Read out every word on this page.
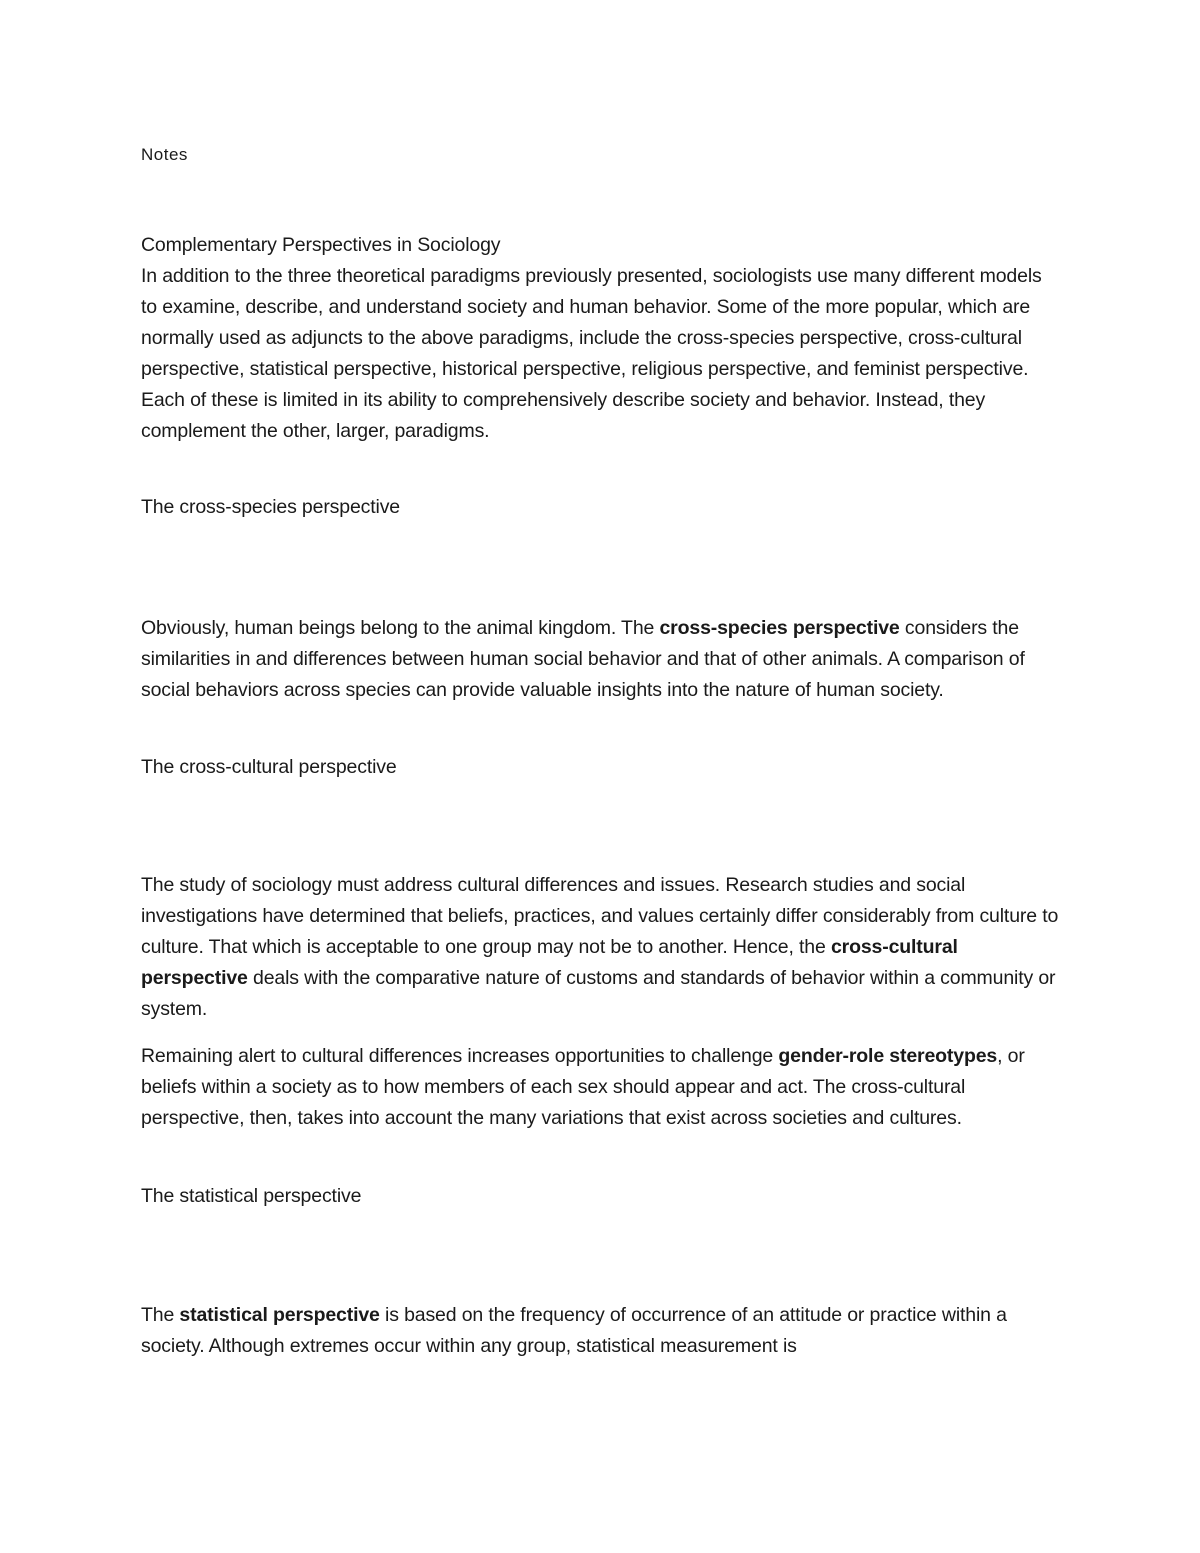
Notes

Complementary Perspectives in Sociology
In addition to the three theoretical paradigms previously presented, sociologists use many different models to examine, describe, and understand society and human behavior. Some of the more popular, which are normally used as adjuncts to the above paradigms, include the cross-species perspective, cross-cultural perspective, statistical perspective, historical perspective, religious perspective, and feminist perspective. Each of these is limited in its ability to comprehensively describe society and behavior. Instead, they complement the other, larger, paradigms.

The cross-species perspective

Obviously, human beings belong to the animal kingdom. The cross-species perspective considers the similarities in and differences between human social behavior and that of other animals. A comparison of social behaviors across species can provide valuable insights into the nature of human society.

The cross-cultural perspective

The study of sociology must address cultural differences and issues. Research studies and social investigations have determined that beliefs, practices, and values certainly differ considerably from culture to culture. That which is acceptable to one group may not be to another. Hence, the cross-cultural perspective deals with the comparative nature of customs and standards of behavior within a community or system.

Remaining alert to cultural differences increases opportunities to challenge gender-role stereotypes, or beliefs within a society as to how members of each sex should appear and act. The cross-cultural perspective, then, takes into account the many variations that exist across societies and cultures.

The statistical perspective

The statistical perspective is based on the frequency of occurrence of an attitude or practice within a society. Although extremes occur within any group, statistical measurement is
